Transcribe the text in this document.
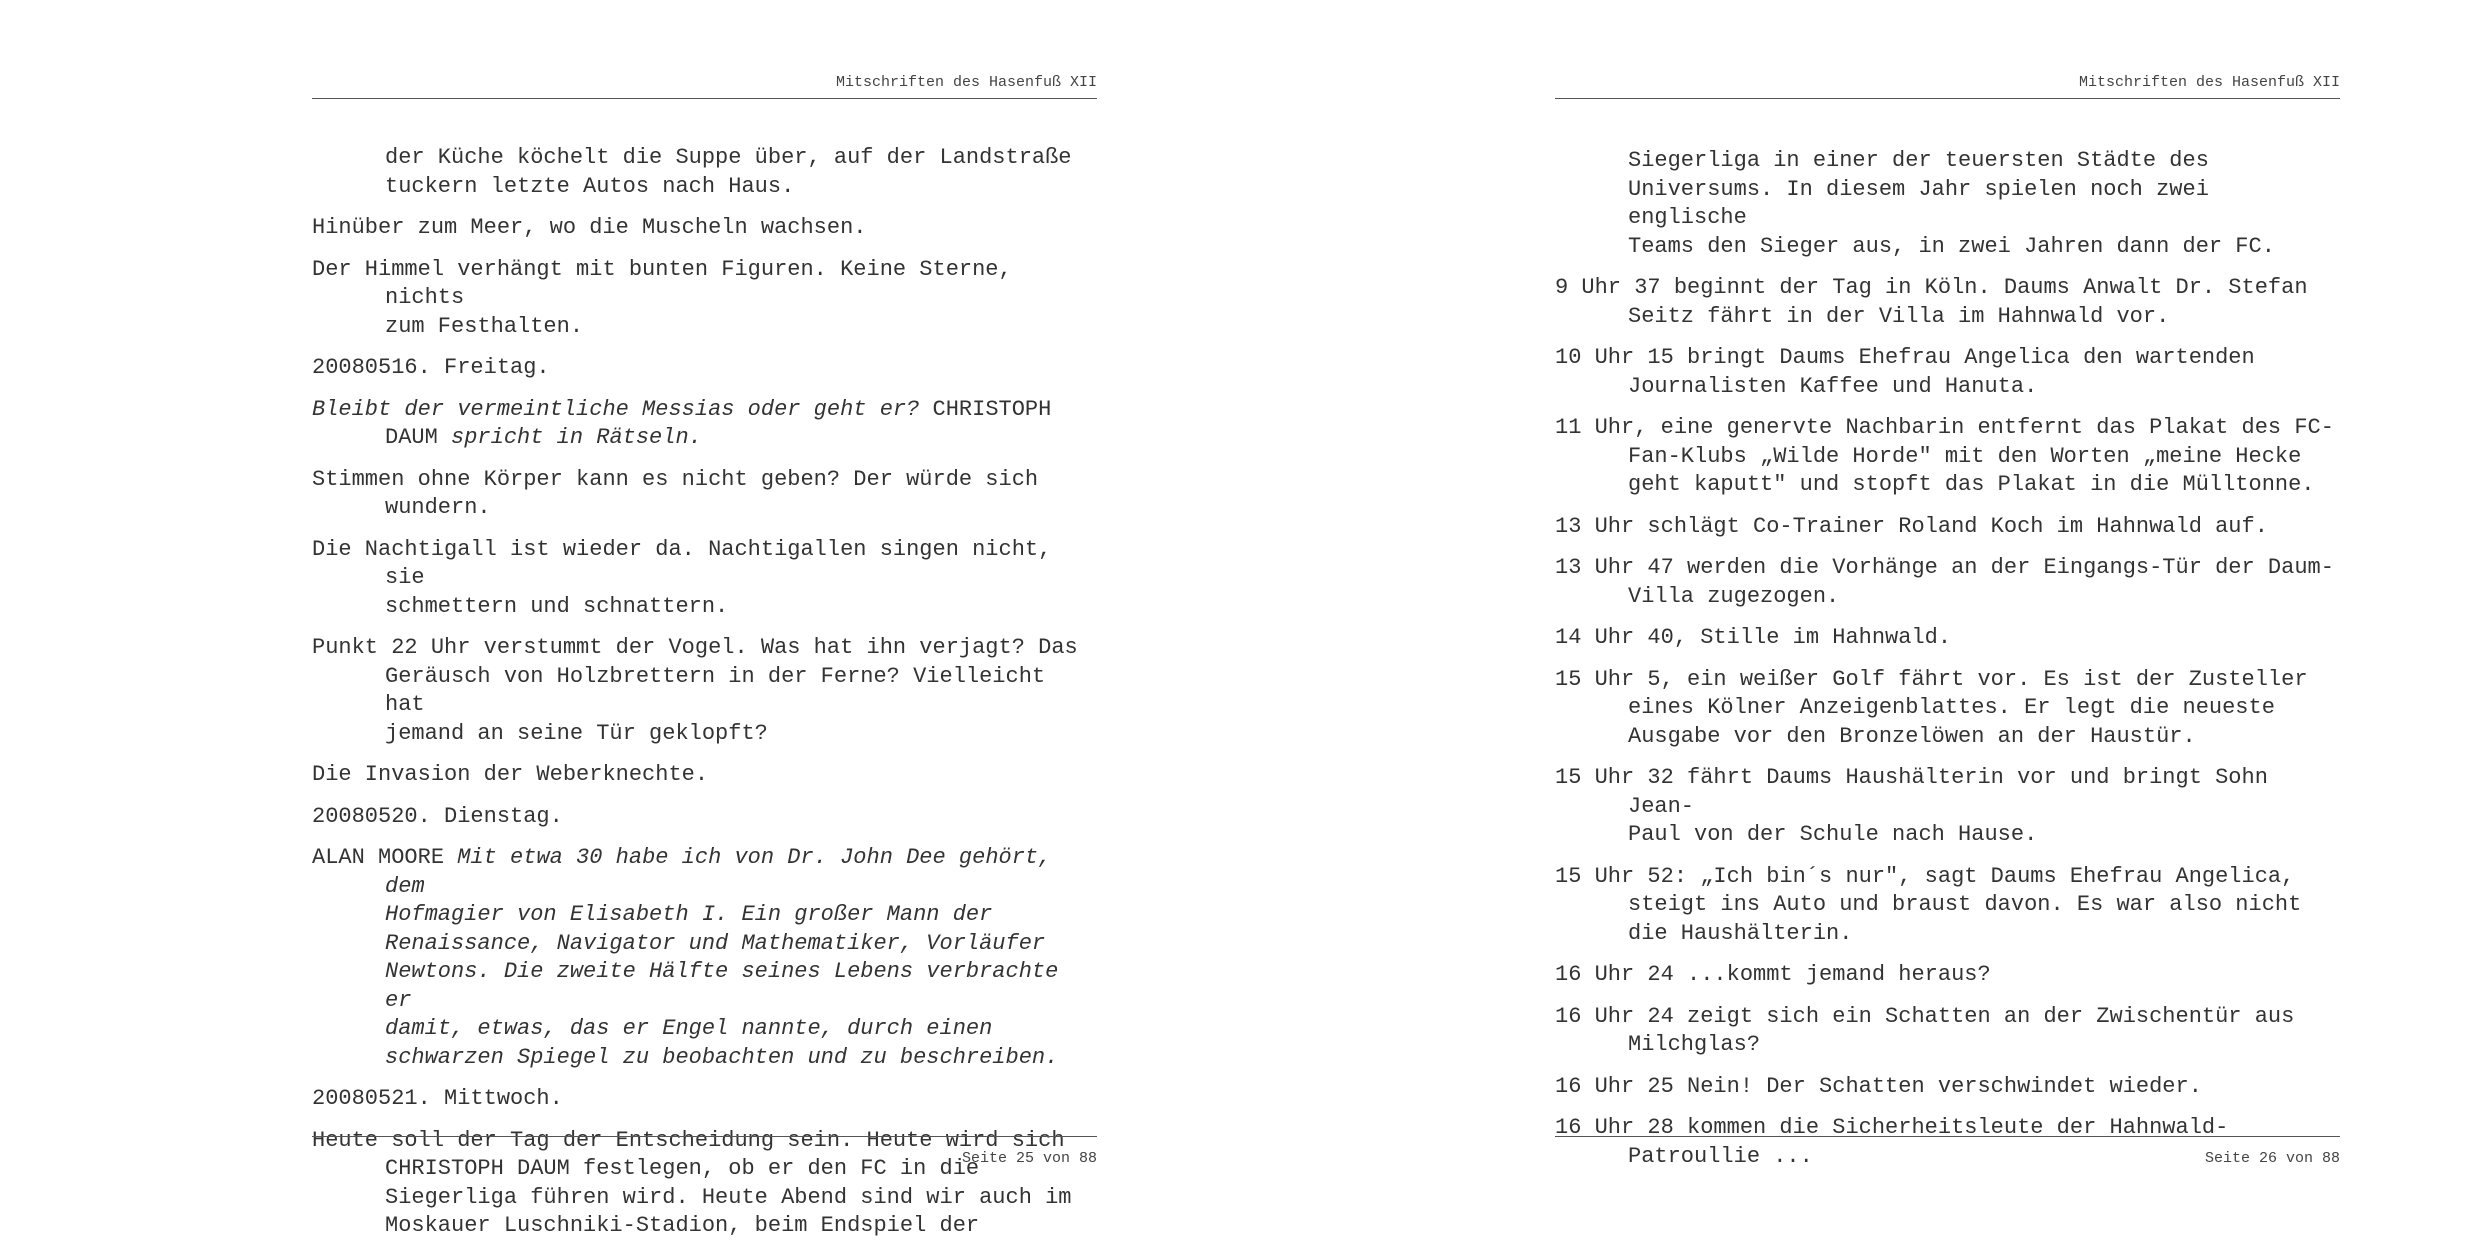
Mitschriften des Hasenfuß XII

der Küche köchelt die Suppe über, auf der Landstraße
tuckern letzte Autos nach Haus.

Hinüber zum Meer, wo die Muscheln wachsen.

Der Himmel verhängt mit bunten Figuren. Keine Sterne, nichts
zum Festhalten.

20080516. Freitag.

Bleibt der vermeintliche Messias oder geht er? CHRISTOPH
DAUM spricht in Rätseln.

Stimmen ohne Körper kann es nicht geben? Der würde sich
wundern.

Die Nachtigall ist wieder da. Nachtigallen singen nicht, sie
schmettern und schnattern.

Punkt 22 Uhr verstummt der Vogel. Was hat ihn verjagt? Das
Geräusch von Holzbrettern in der Ferne? Vielleicht hat
jemand an seine Tür geklopft?

Die Invasion der Weberknechte.

20080520. Dienstag.

ALAN MOORE Mit etwa 30 habe ich von Dr. John Dee gehört, dem
Hofmagier von Elisabeth I. Ein großer Mann der
Renaissance, Navigator und Mathematiker, Vorläufer
Newtons. Die zweite Hälfte seines Lebens verbrachte er
damit, etwas, das er Engel nannte, durch einen
schwarzen Spiegel zu beobachten und zu beschreiben.

20080521. Mittwoch.

Heute soll der Tag der Entscheidung sein. Heute wird sich
CHRISTOPH DAUM festlegen, ob er den FC in die
Siegerliga führen wird. Heute Abend sind wir auch im
Moskauer Luschniki-Stadion, beim Endspiel der

Seite 25 von 88
Mitschriften des Hasenfuß XII

Siegerliga in einer der teuersten Städte des
Universums. In diesem Jahr spielen noch zwei englische
Teams den Sieger aus, in zwei Jahren dann der FC.

9 Uhr 37 beginnt der Tag in Köln. Daums Anwalt Dr. Stefan
Seitz fährt in der Villa im Hahnwald vor.

10 Uhr 15 bringt Daums Ehefrau Angelica den wartenden
Journalisten Kaffee und Hanuta.

11 Uhr, eine genervte Nachbarin entfernt das Plakat des FC-
Fan-Klubs „Wilde Horde" mit den Worten „meine Hecke
geht kaputt" und stopft das Plakat in die Mülltonne.

13 Uhr schlägt Co-Trainer Roland Koch im Hahnwald auf.

13 Uhr 47 werden die Vorhänge an der Eingangs-Tür der Daum-
Villa zugezogen.

14 Uhr 40, Stille im Hahnwald.

15 Uhr 5, ein weißer Golf fährt vor. Es ist der Zusteller
eines Kölner Anzeigenblattes. Er legt die neueste
Ausgabe vor den Bronzelöwen an der Haustür.

15 Uhr 32 fährt Daums Haushälterin vor und bringt Sohn Jean-
Paul von der Schule nach Hause.

15 Uhr 52: „Ich bin´s nur", sagt Daums Ehefrau Angelica,
steigt ins Auto und braust davon. Es war also nicht
die Haushälterin.

16 Uhr 24 ...kommt jemand heraus?

16 Uhr 24 zeigt sich ein Schatten an der Zwischentür aus
Milchglas?

16 Uhr 25 Nein! Der Schatten verschwindet wieder.

16 Uhr 28 kommen die Sicherheitsleute der Hahnwald-
Patroullie ...	Seite 26 von 88
